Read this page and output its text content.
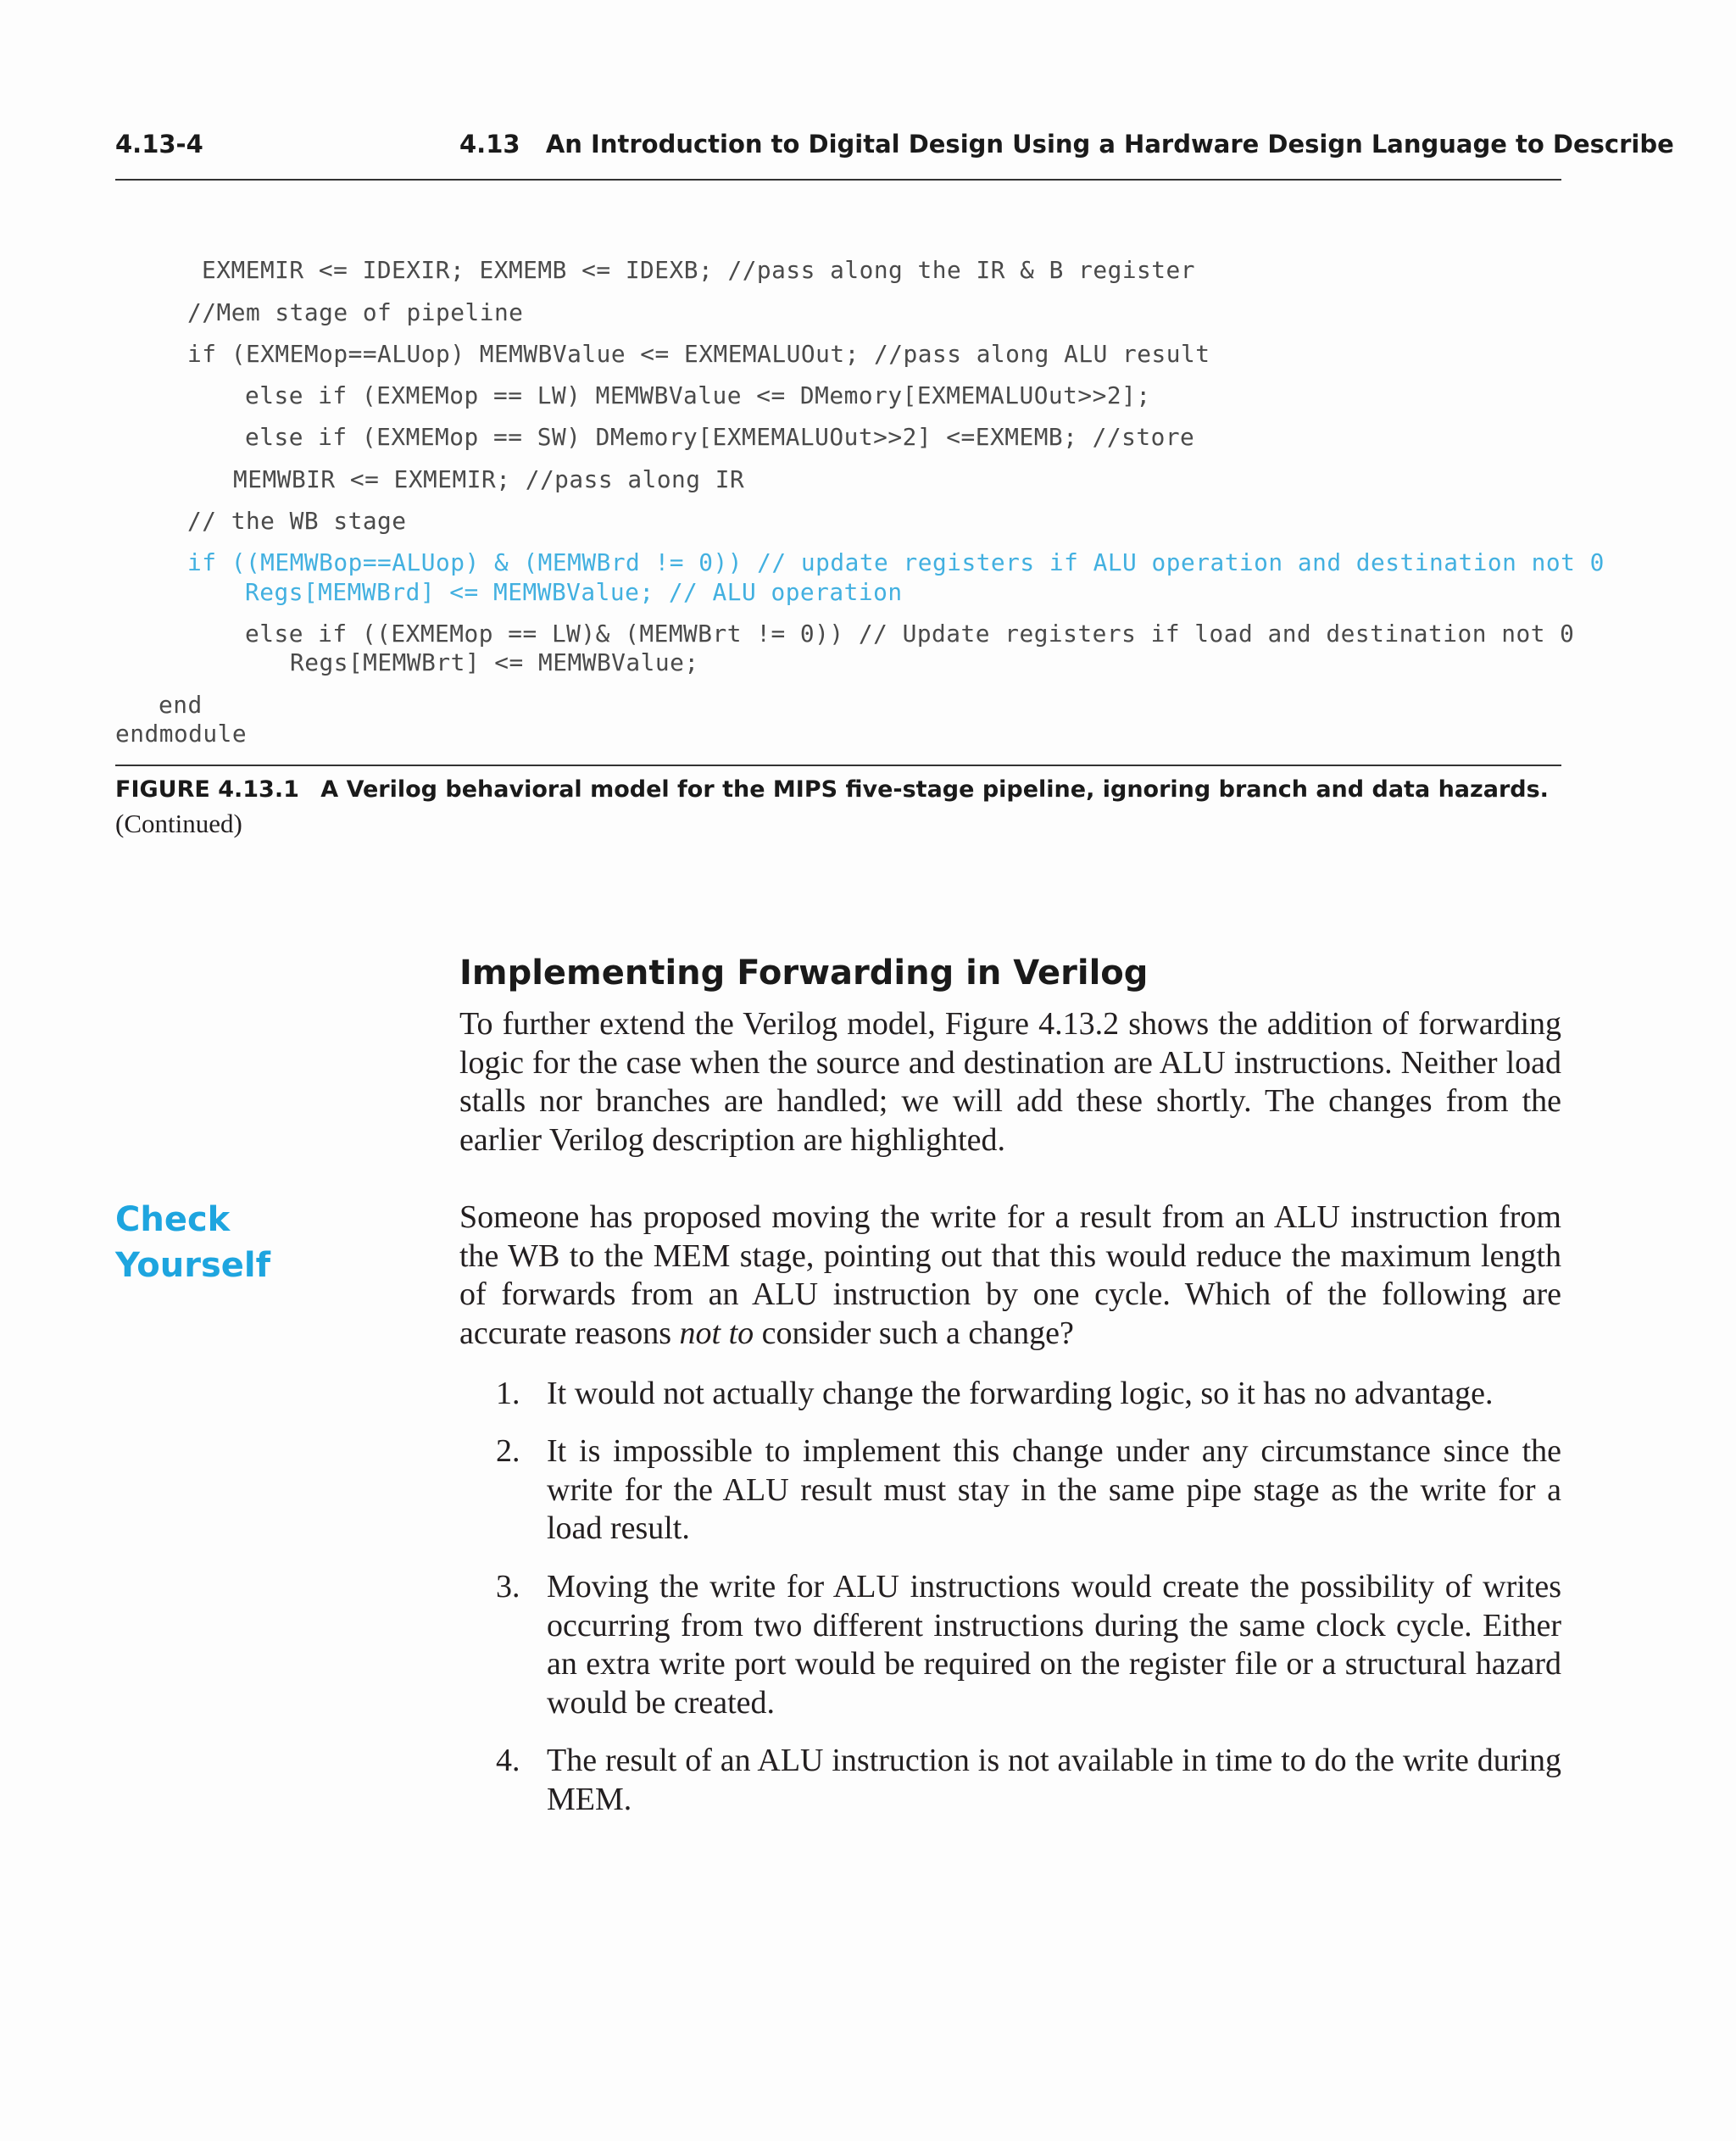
4.13-4	4.13 An Introduction to Digital Design Using a Hardware Design Language to Describe
EXMEMIR <= IDEXIR; EXMEMB <= IDEXB; //pass along the IR & B register
//Mem stage of pipeline
if (EXMEMop==ALUop) MEMWBValue <= EXMEMALUOut; //pass along ALU result
else if (EXMEMop == LW) MEMWBValue <= DMemory[EXMEMALUOut>>2];
else if (EXMEMop == SW) DMemory[EXMEMALUOut>>2] <=EXMEMB; //store
MEMWBIR <= EXMEMIR; //pass along IR
// the WB stage
if ((MEMWBop==ALUop) & (MEMWBrd != 0)) // update registers if ALU operation and destination not 0
Regs[MEMWBrd] <= MEMWBValue; // ALU operation
else if ((EXMEMop == LW)& (MEMWBrt != 0)) // Update registers if load and destination not 0
Regs[MEMWBrt] <= MEMWBValue;
end
endmodule
FIGURE 4.13.1 A Verilog behavioral model for the MIPS five-stage pipeline, ignoring branch and data hazards.
(Continued)
Implementing Forwarding in Verilog

To further extend the Verilog model, Figure 4.13.2 shows the addition of forwarding logic for the case when the source and destination are ALU instructions. Neither load stalls nor branches are handled; we will add these shortly. The changes from the earlier Verilog description are highlighted.

Check
Yourself

Someone has proposed moving the write for a result from an ALU instruction from the WB to the MEM stage, pointing out that this would reduce the maximum length of forwards from an ALU instruction by one cycle. Which of the following are accurate reasons not to consider such a change?

1. It would not actually change the forwarding logic, so it has no advantage.
2. It is impossible to implement this change under any circumstance since the write for the ALU result must stay in the same pipe stage as the write for a load result.
3. Moving the write for ALU instructions would create the possibility of writes occurring from two different instructions during the same clock cycle. Either an extra write port would be required on the register file or a structural hazard would be created.
4. The result of an ALU instruction is not available in time to do the write during MEM.
